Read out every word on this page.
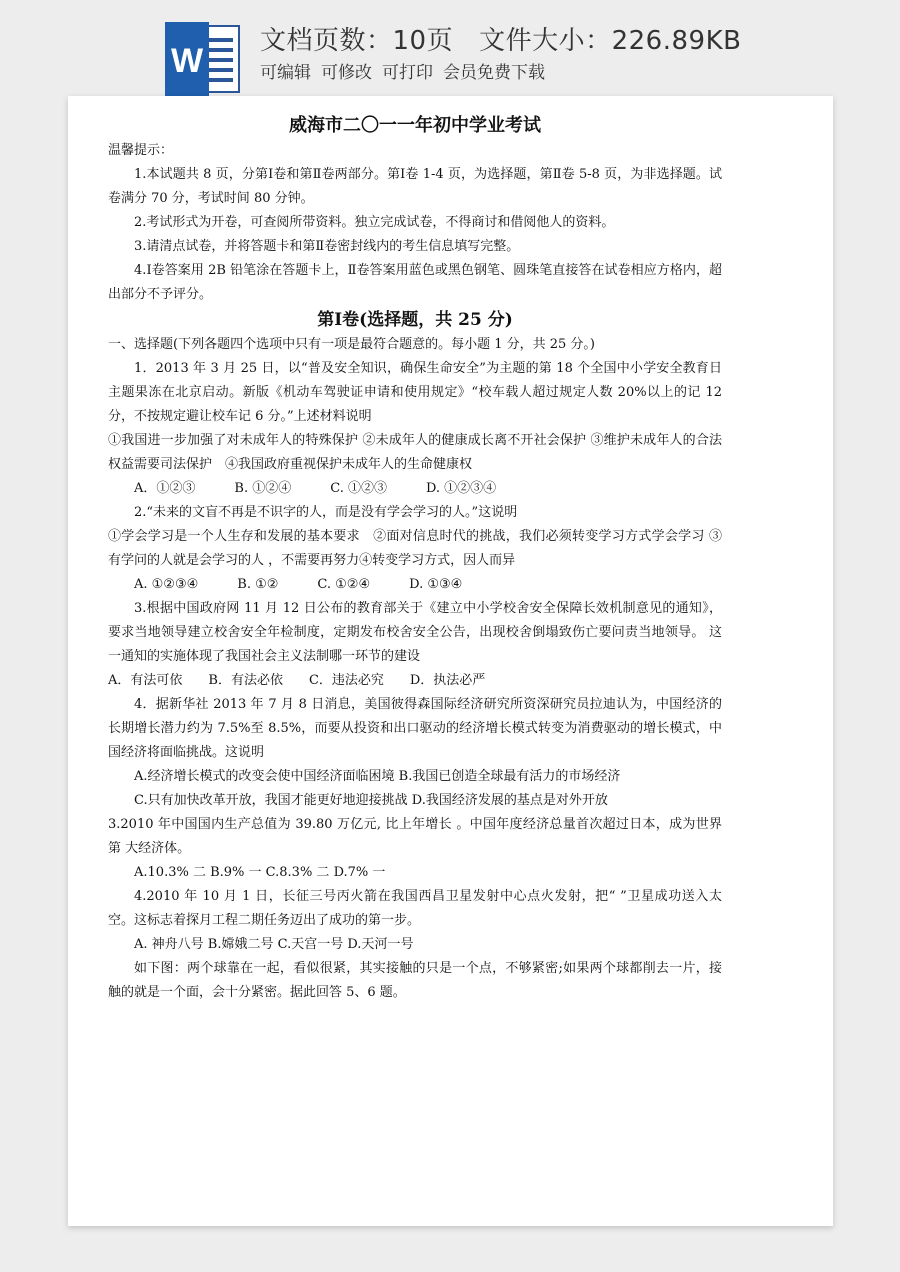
W
文档页数：10页 文件大小：226.89KB
可编辑 可修改 可打印 会员免费下载
威海市二〇一一年初中学业考试

温馨提示：

1.本试题共 8 页，分第Ⅰ卷和第Ⅱ卷两部分。第Ⅰ卷 1-4 页，为选择题，第Ⅱ卷 5-8 页，为非选择题。试卷满分 70 分，考试时间 80 分钟。

2.考试形式为开卷，可查阅所带资料。独立完成试卷，不得商讨和借阅他人的资料。

3.请清点试卷，并将答题卡和第Ⅱ卷密封线内的考生信息填写完整。

4.Ⅰ卷答案用 2B 铅笔涂在答题卡上，Ⅱ卷答案用蓝色或黑色钢笔、圆珠笔直接答在试卷相应方格内，超出部分不予评分。

第Ⅰ卷(选择题，共 25 分)

一、选择题(下列各题四个选项中只有一项是最符合题意的。每小题 1 分，共 25 分。)

1．2013 年 3 月 25 日，以“普及安全知识，确保生命安全”为主题的第 18 个全国中小学安全教育日主题果冻在北京启动。新版《机动车驾驶证申请和使用规定》“校车载人超过规定人数 20%以上的记 12 分，不按规定避让校车记 6 分。”上述材料说明

①我国进一步加强了对未成年人的特殊保护 ②未成年人的健康成长离不开社会保护 ③维护未成年人的合法权益需要司法保护　④我国政府重视保护未成年人的生命健康权

A．①②③　　　B. ①②④　　　C. ①②③　　　D. ①②③④

2.“未来的文盲不再是不识字的人，而是没有学会学习的人。”这说明

①学会学习是一个人生存和发展的基本要求　②面对信息时代的挑战，我们必须转变学习方式学会学习 ③有学问的人就是会学习的人 ，不需要再努力④转变学习方式，因人而异

A. ①②③④　　　B. ①②　　　C. ①②④　　　D. ①③④

3.根据中国政府网 11 月 12 日公布的教育部关于《建立中小学校舍安全保障长效机制意见的通知》，要求当地领导建立校舍安全年检制度，定期发布校舍安全公告，出现校舍倒塌致伤亡要问责当地领导。 这一通知的实施体现了我国社会主义法制哪一环节的建设

A．有法可依　　B．有法必依　　C．违法必究　　D．执法必严

4．据新华社 2013 年 7 月 8 日消息，美国彼得森国际经济研究所资深研究员拉迪认为，中国经济的长期增长潜力约为 7.5%至 8.5%，而要从投资和出口驱动的经济增长模式转变为消费驱动的增长模式，中国经济将面临挑战。这说明

A.经济增长模式的改变会使中国经济面临困境 B.我国已创造全球最有活力的市场经济

C.只有加快改革开放，我国才能更好地迎接挑战 D.我国经济发展的基点是对外开放

3.2010 年中国国内生产总值为 39.80 万亿元, 比上年增长 。中国年度经济总量首次超过日本，成为世界第 大经济体。

A.10.3% 二 B.9% 一 C.8.3% 二 D.7% 一

4.2010 年 10 月 1 日，长征三号丙火箭在我国西昌卫星发射中心点火发射，把“ ”卫星成功送入太空。这标志着探月工程二期任务迈出了成功的第一步。

A. 神舟八号 B.嫦娥二号 C.天宫一号 D.天河一号

如下图：两个球靠在一起，看似很紧，其实接触的只是一个点，不够紧密;如果两个球都削去一片，接触的就是一个面，会十分紧密。据此回答 5、6 题。
